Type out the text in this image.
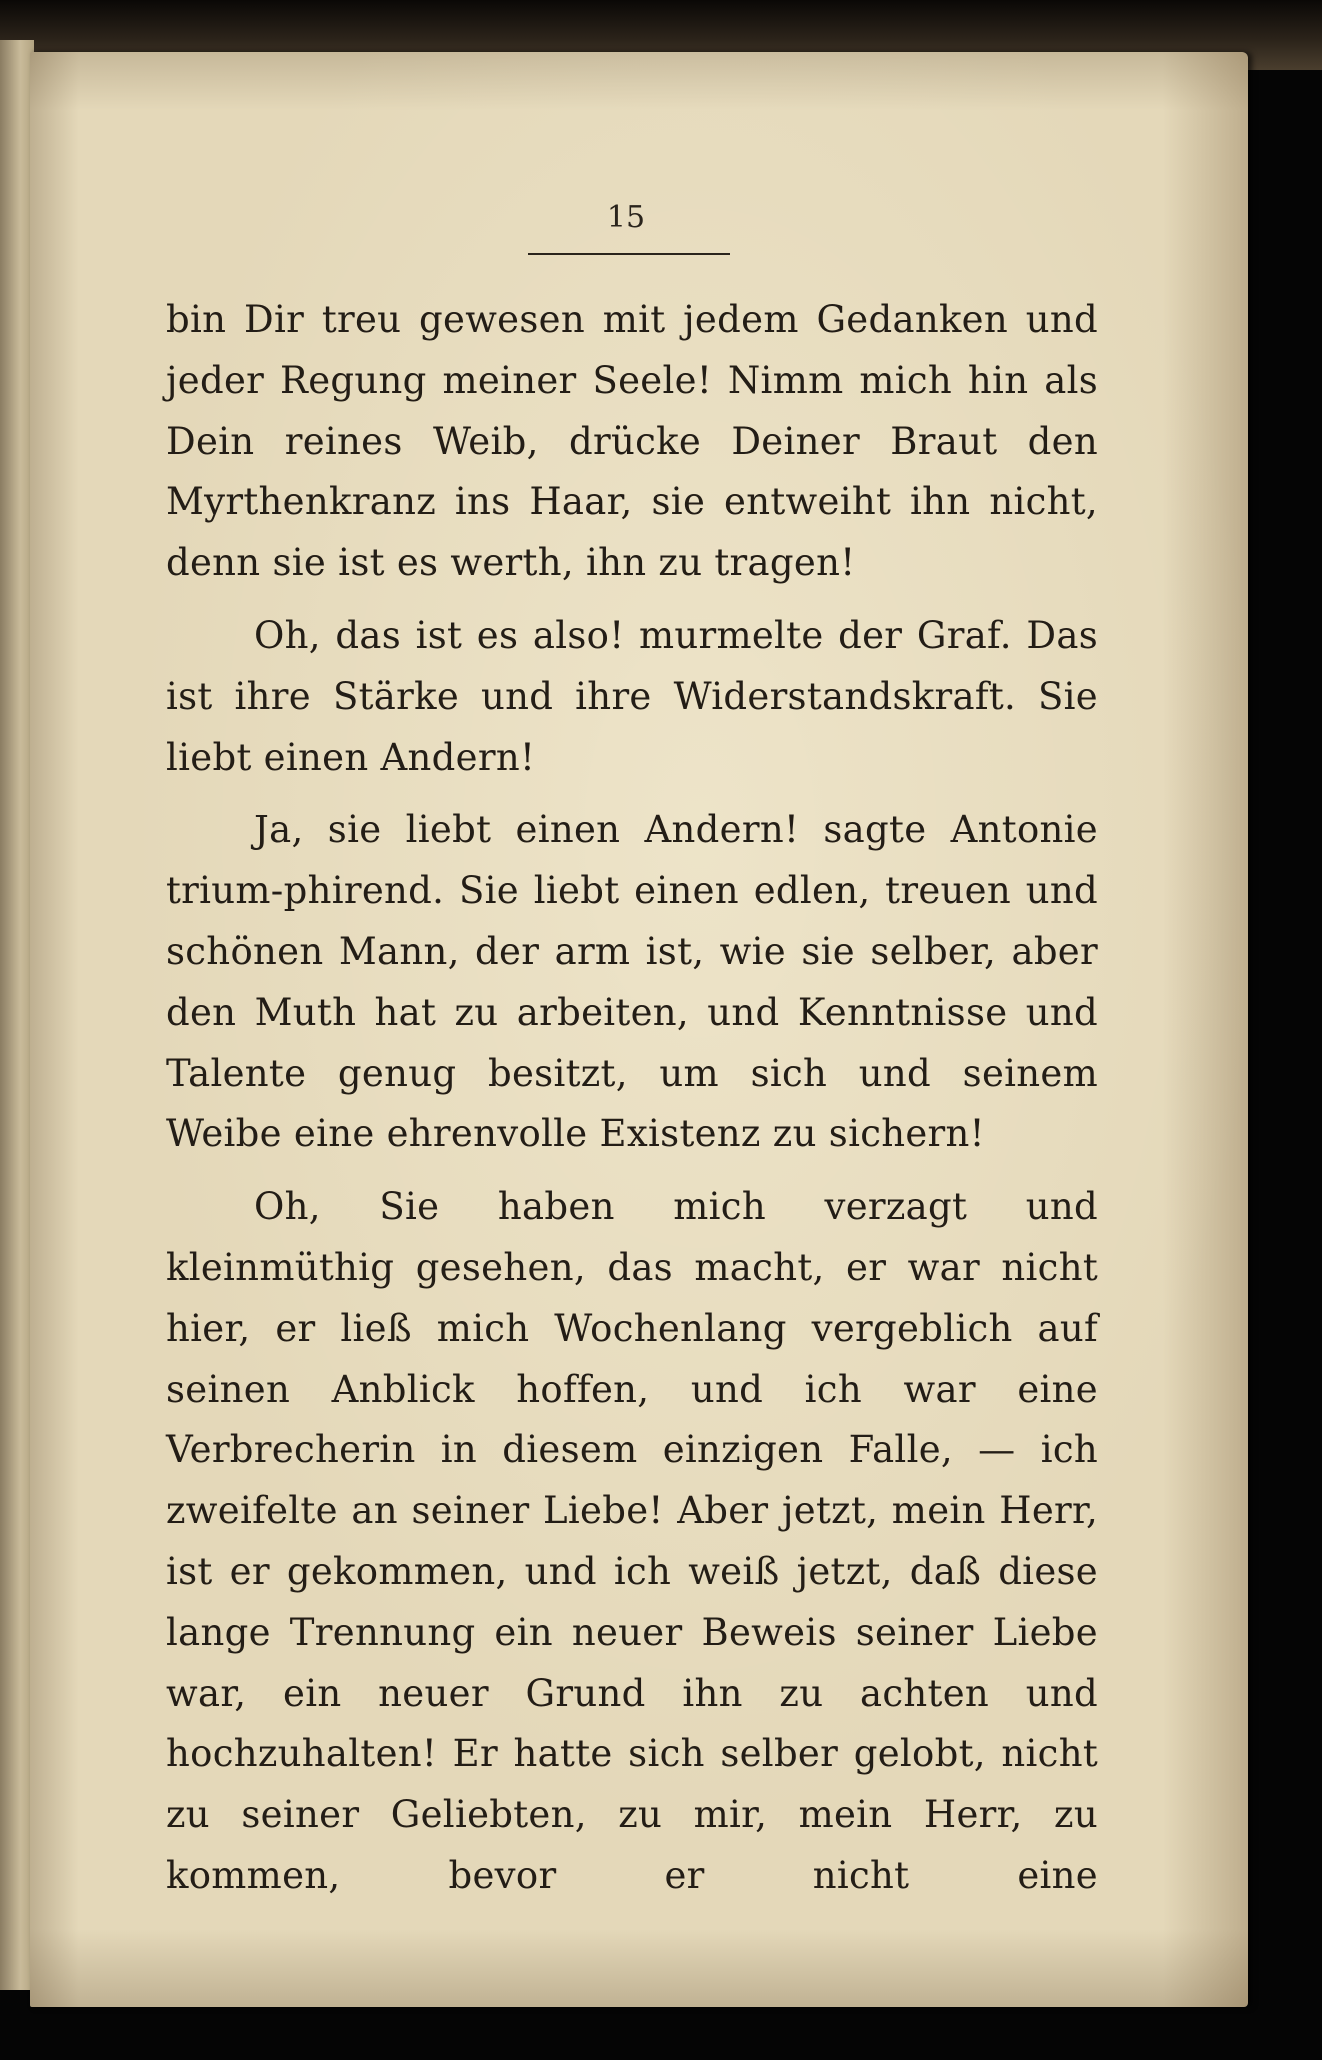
15

bin Dir treu gewesen mit jedem Gedanken und jeder Regung meiner Seele! Nimm mich hin als Dein reines Weib, drücke Deiner Braut den Myrthenkranz ins Haar, sie entweiht ihn nicht, denn sie ist es werth, ihn zu tragen!

Oh, das ist es also! murmelte der Graf. Das ist ihre Stärke und ihre Widerstandskraft. Sie liebt einen Andern!

Ja, sie liebt einen Andern! sagte Antonie trium-phirend. Sie liebt einen edlen, treuen und schönen Mann, der arm ist, wie sie selber, aber den Muth hat zu arbeiten, und Kenntnisse und Talente genug besitzt, um sich und seinem Weibe eine ehrenvolle Existenz zu sichern!

Oh, Sie haben mich verzagt und kleinmüthig gesehen, das macht, er war nicht hier, er ließ mich Wochenlang vergeblich auf seinen Anblick hoffen, und ich war eine Verbrecherin in diesem einzigen Falle, — ich zweifelte an seiner Liebe! Aber jetzt, mein Herr, ist er gekommen, und ich weiß jetzt, daß diese lange Trennung ein neuer Beweis seiner Liebe war, ein neuer Grund ihn zu achten und hochzuhalten! Er hatte sich selber gelobt, nicht zu seiner Geliebten, zu mir, mein Herr, zu kommen, bevor er nicht eine
